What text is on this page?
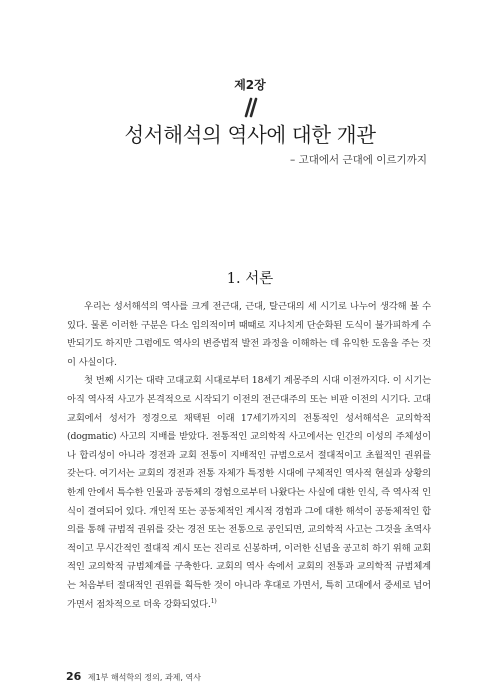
제2장
성서해석의 역사에 대한 개관
– 고대에서 근대에 이르기까지
1. 서론

우리는 성서해석의 역사를 크게 전근대, 근대, 탈근대의 세 시기로 나누어 생각해 볼 수 있다. 물론 이러한 구분은 다소 임의적이며 때때로 지나치게 단순화된 도식이 불가피하게 수반되기도 하지만 그럼에도 역사의 변증법적 발전 과정을 이해하는 데 유익한 도움을 주는 것이 사실이다.

첫 번째 시기는 대략 고대교회 시대로부터 18세기 계몽주의 시대 이전까지다. 이 시기는 아직 역사적 사고가 본격적으로 시작되기 이전의 전근대주의 또는 비판 이전의 시기다. 고대교회에서 성서가 정경으로 채택된 이래 17세기까지의 전통적인 성서해석은 교의학적(dogmatic) 사고의 지배를 받았다. 전통적인 교의학적 사고에서는 인간의 이성의 주체성이나 합리성이 아니라 경전과 교회 전통이 지배적인 규범으로서 절대적이고 초월적인 권위를 갖는다. 여기서는 교회의 경전과 전통 자체가 특정한 시대에 구체적인 역사적 현실과 상황의 한계 안에서 특수한 인물과 공동체의 경험으로부터 나왔다는 사실에 대한 인식, 즉 역사적 인식이 결여되어 있다. 개인적 또는 공동체적인 계시적 경험과 그에 대한 해석이 공동체적인 합의를 통해 규범적 권위를 갖는 경전 또는 전통으로 공인되면, 교의학적 사고는 그것을 초역사적이고 무시간적인 절대적 계시 또는 진리로 신봉하며, 이러한 신념을 공고히 하기 위해 교회적인 교의학적 규범체계를 구축한다. 교회의 역사 속에서 교회의 전통과 교의학적 규범체계는 처음부터 절대적인 권위를 획득한 것이 아니라 후대로 가면서, 특히 고대에서 중세로 넘어가면서 점차적으로 더욱 강화되었다.$^{1)}$

26 제1부 해석학의 정의, 과제, 역사
